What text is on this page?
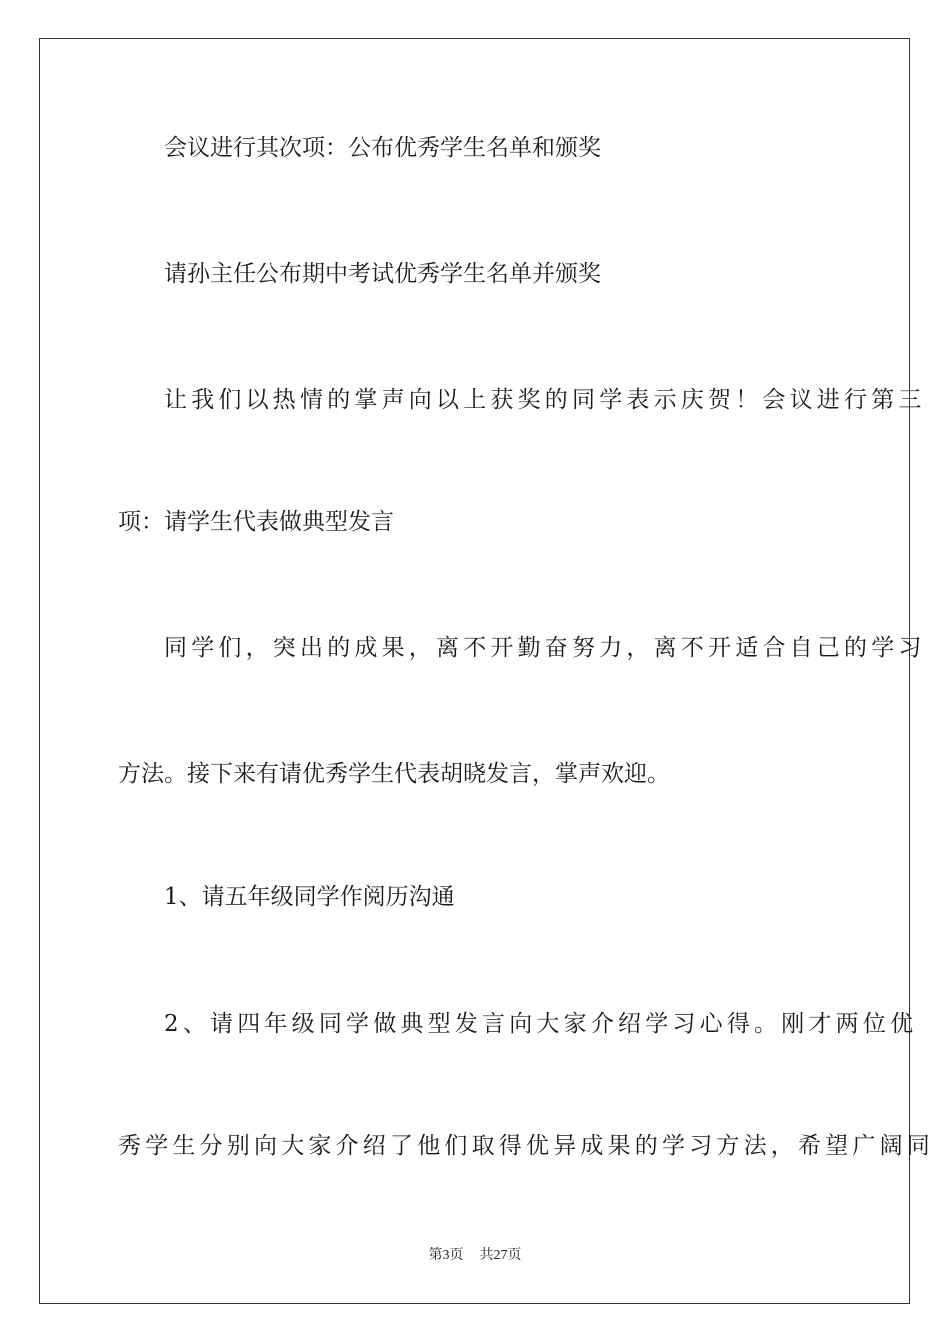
会议进行其次项：公布优秀学生名单和颁奖
请孙主任公布期中考试优秀学生名单并颁奖
让我们以热情的掌声向以上获奖的同学表示庆贺！会议进行第三
项：请学生代表做典型发言
同学们，突出的成果，离不开勤奋努力，离不开适合自己的学习
方法。接下来有请优秀学生代表胡晓发言，掌声欢迎。
1、请五年级同学作阅历沟通
2、请四年级同学做典型发言向大家介绍学习心得。刚才两位优
秀学生分别向大家介绍了他们取得优异成果的学习方法，希望广阔同
第3页 共27页
